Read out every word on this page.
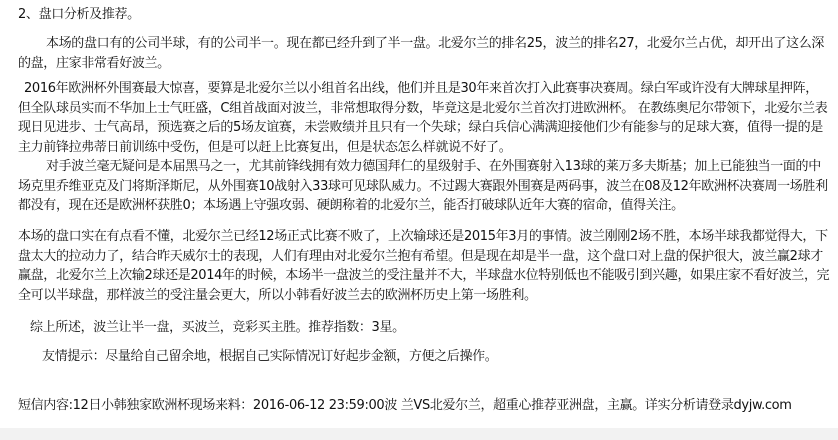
2、盘口分析及推荐。

本场的盘口有的公司半球，有的公司半一。现在都已经升到了半一盘。北爱尔兰的排名25，波兰的排名27，北爱尔兰占优，却开出了这么深的盘，庄家非常看好波兰。

2016年欧洲杯外围赛最大惊喜，要算是北爱尔兰以小组首名出线，他们并且是30年来首次打入此赛事决赛周。绿白军或许没有大牌球星押阵，但全队球员实而不华加上士气旺盛，C组首战面对波兰，非常想取得分数，毕竟这是北爱尔兰首次打进欧洲杯。 在教练奥尼尔带领下，北爱尔兰表现日见进步、士气高昂，预选赛之后的5场友谊赛，未尝败绩并且只有一个失球；绿白兵信心满满迎接他们少有能参与的足球大赛，值得一提的是主力前锋拉弗蒂日前训练中受伤，但是可以赶上比赛复出，但是状态怎么样就说不好了。

对手波兰毫无疑问是本届黑马之一，尤其前锋线拥有效力德国拜仁的星级射手、在外围赛射入13球的莱万多夫斯基；加上已能独当一面的中场克里乔维亚克及门将斯泽斯尼，从外围赛10战射入33球可见球队威力。不过踢大赛跟外围赛是两码事，波兰在08及12年欧洲杯决赛周一场胜利都没有，现在还是欧洲杯获胜0；本场遇上守强攻弱、硬朗称着的北爱尔兰，能否打破球队近年大赛的宿命，值得关注。

本场的盘口实在有点看不懂，北爱尔兰已经12场正式比赛不败了，上次输球还是2015年3月的事情。波兰刚刚2场不胜，本场半球我都觉得大，下盘太大的拉动力了，结合昨天威尔士的表现，人们有理由对北爱尔兰抱有希望。但是现在却是半一盘，这个盘口对上盘的保护很大，波兰赢2球才赢盘，北爱尔兰上次输2球还是2014年的时候，本场半一盘波兰的受注量并不大，半球盘水位特别低也不能吸引到兴趣，如果庄家不看好波兰，完全可以半球盘，那样波兰的受注量会更大，所以小韩看好波兰去的欧洲杯历史上第一场胜利。

综上所述，波兰让半一盘，买波兰，竞彩买主胜。推荐指数：3星。

友情提示：尽量给自己留余地，根据自己实际情况订好起步金额，方便之后操作。

短信内容:12日小韩独家欧洲杯现场来料：2016-06-12 23:59:00波 兰VS北爱尔兰，超重心推荐亚洲盘，主赢。详实分析请登录dyjw.com
